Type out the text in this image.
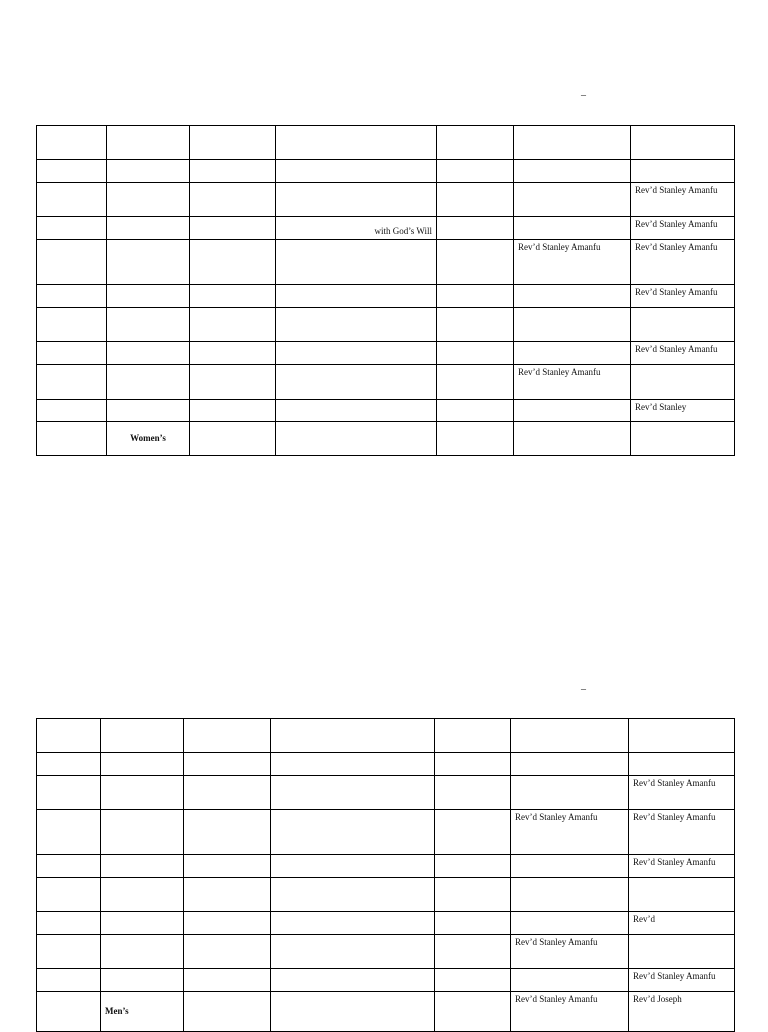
–

						Rev’d Stanley Amanfu
			with God’s Will			Rev’d Stanley Amanfu
					Rev’d Stanley Amanfu	Rev’d Stanley Amanfu
						Rev’d Stanley Amanfu

						Rev’d Stanley Amanfu
					Rev’d Stanley Amanfu	
						Rev’d Stanley
	Women’s					
–

						Rev’d Stanley Amanfu
					Rev’d Stanley Amanfu	Rev’d Stanley Amanfu
						Rev’d Stanley Amanfu

						Rev’d
					Rev’d Stanley Amanfu	
						Rev’d Stanley Amanfu
	Men’s				Rev’d Stanley Amanfu	Rev’d Joseph
